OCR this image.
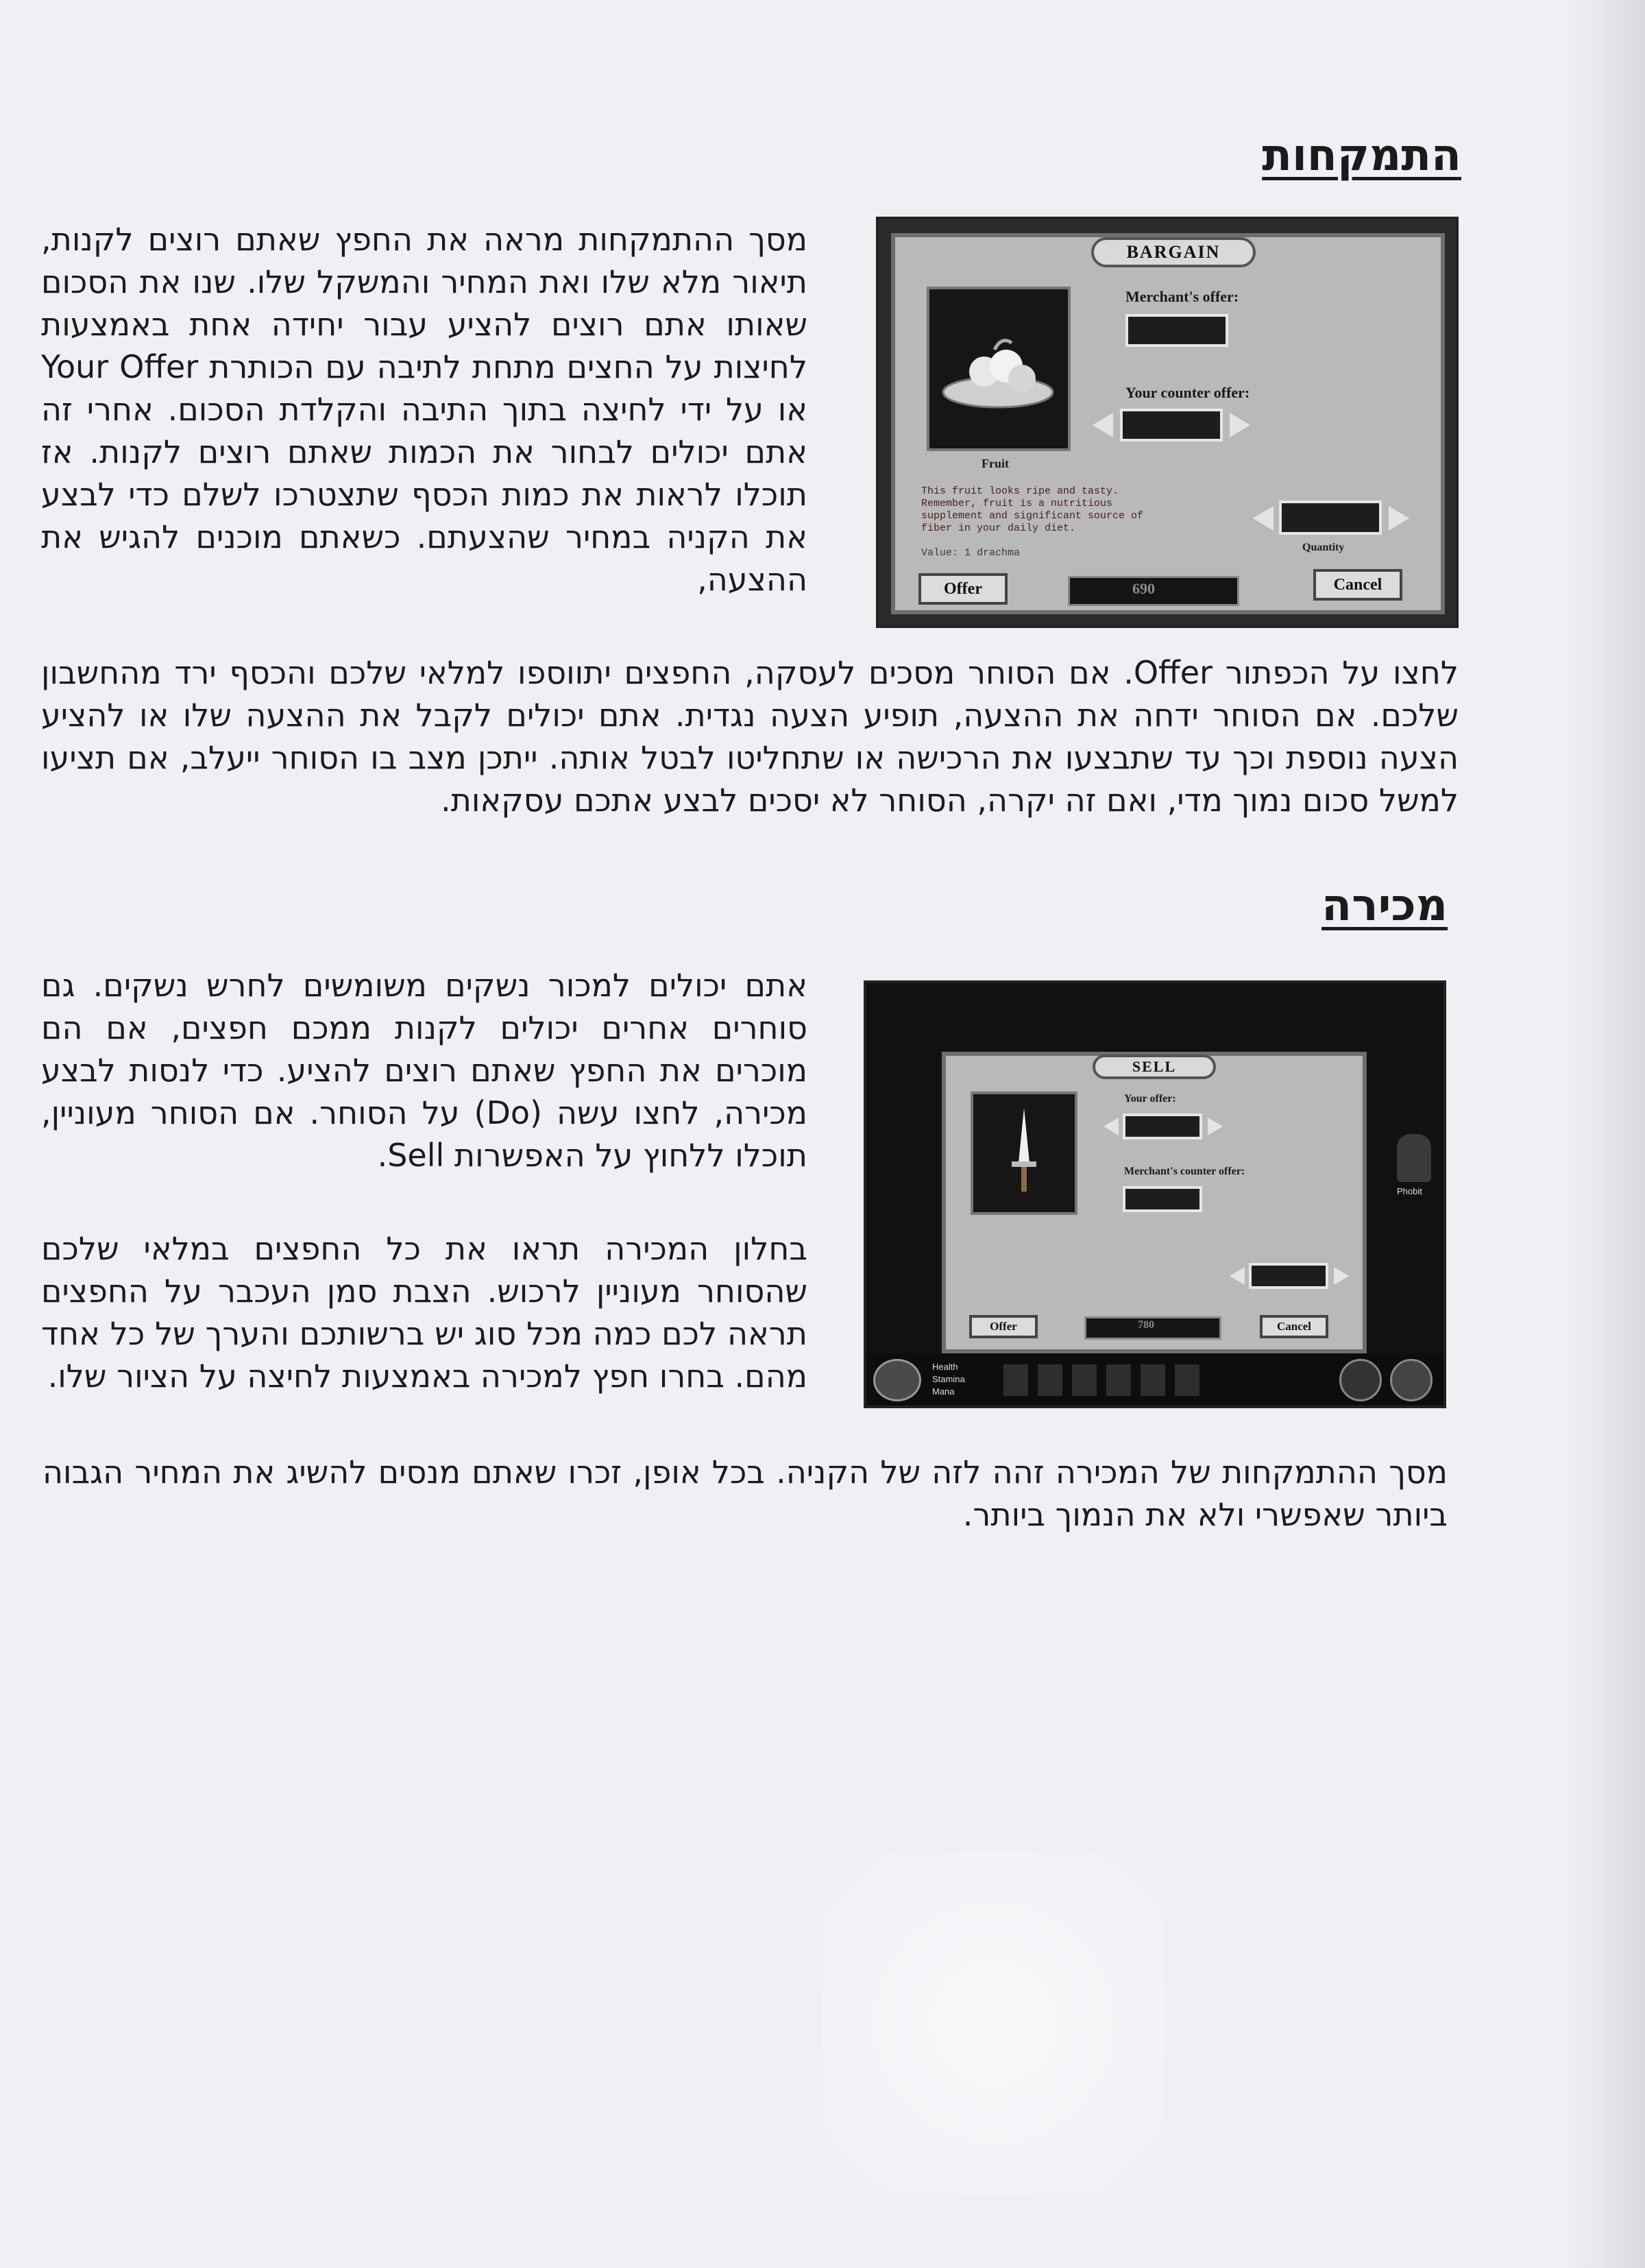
התמקחות
BARGAIN
Fruit
Merchant's offer:
Your counter offer:
This fruit looks ripe and tasty.
Remember, fruit is a nutritious
supplement and significant source of
fiber in your daily diet.
Value: 1 drachma	Quantity
Offer	690	Cancel
מסך ההתמקחות מראה את החפץ שאתם רוצים לקנות, תיאור מלא שלו ואת המחיר והמשקל שלו. שנו את הסכום שאותו אתם רוצים להציע עבור יחידה אחת באמצעות לחיצות על החצים מתחת לתיבה עם הכותרת Your Offer או על ידי לחיצה בתוך התיבה והקלדת הסכום. אחרי זה אתם יכולים לבחור את הכמות שאתם רוצים לקנות. אז תוכלו לראות את כמות הכסף שתצטרכו לשלם כדי לבצע את הקניה במחיר שהצעתם. כשאתם מוכנים להגיש את ההצעה,
לחצו על הכפתור Offer. אם הסוחר מסכים לעסקה, החפצים יתווספו למלאי שלכם והכסף ירד מהחשבון שלכם. אם הסוחר ידחה את ההצעה, תופיע הצעה נגדית. אתם יכולים לקבל את ההצעה שלו או להציע הצעה נוספת וכך עד שתבצעו את הרכישה או שתחליטו לבטל אותה. ייתכן מצב בו הסוחר ייעלב, אם תציעו למשל סכום נמוך מדי, ואם זה יקרה, הסוחר לא יסכים לבצע אתכם עסקאות.
מכירה
SELL
Your offer:
Merchant's counter offer:
Offer	780	Cancel
Phobit
Health
Stamina
Mana
אתם יכולים למכור נשקים משומשים לחרש נשקים. גם סוחרים אחרים יכולים לקנות ממכם חפצים, אם הם מוכרים את החפץ שאתם רוצים להציע. כדי לנסות לבצע מכירה, לחצו עשה (Do) על הסוחר. אם הסוחר מעוניין, תוכלו ללחוץ על האפשרות Sell.
בחלון המכירה תראו את כל החפצים במלאי שלכם שהסוחר מעוניין לרכוש. הצבת סמן העכבר על החפצים תראה לכם כמה מכל סוג יש ברשותכם והערך של כל אחד מהם. בחרו חפץ למכירה באמצעות לחיצה על הציור שלו.
מסך ההתמקחות של המכירה זהה לזה של הקניה. בכל אופן, זכרו שאתם מנסים להשיג את המחיר הגבוה ביותר שאפשרי ולא את הנמוך ביותר.
